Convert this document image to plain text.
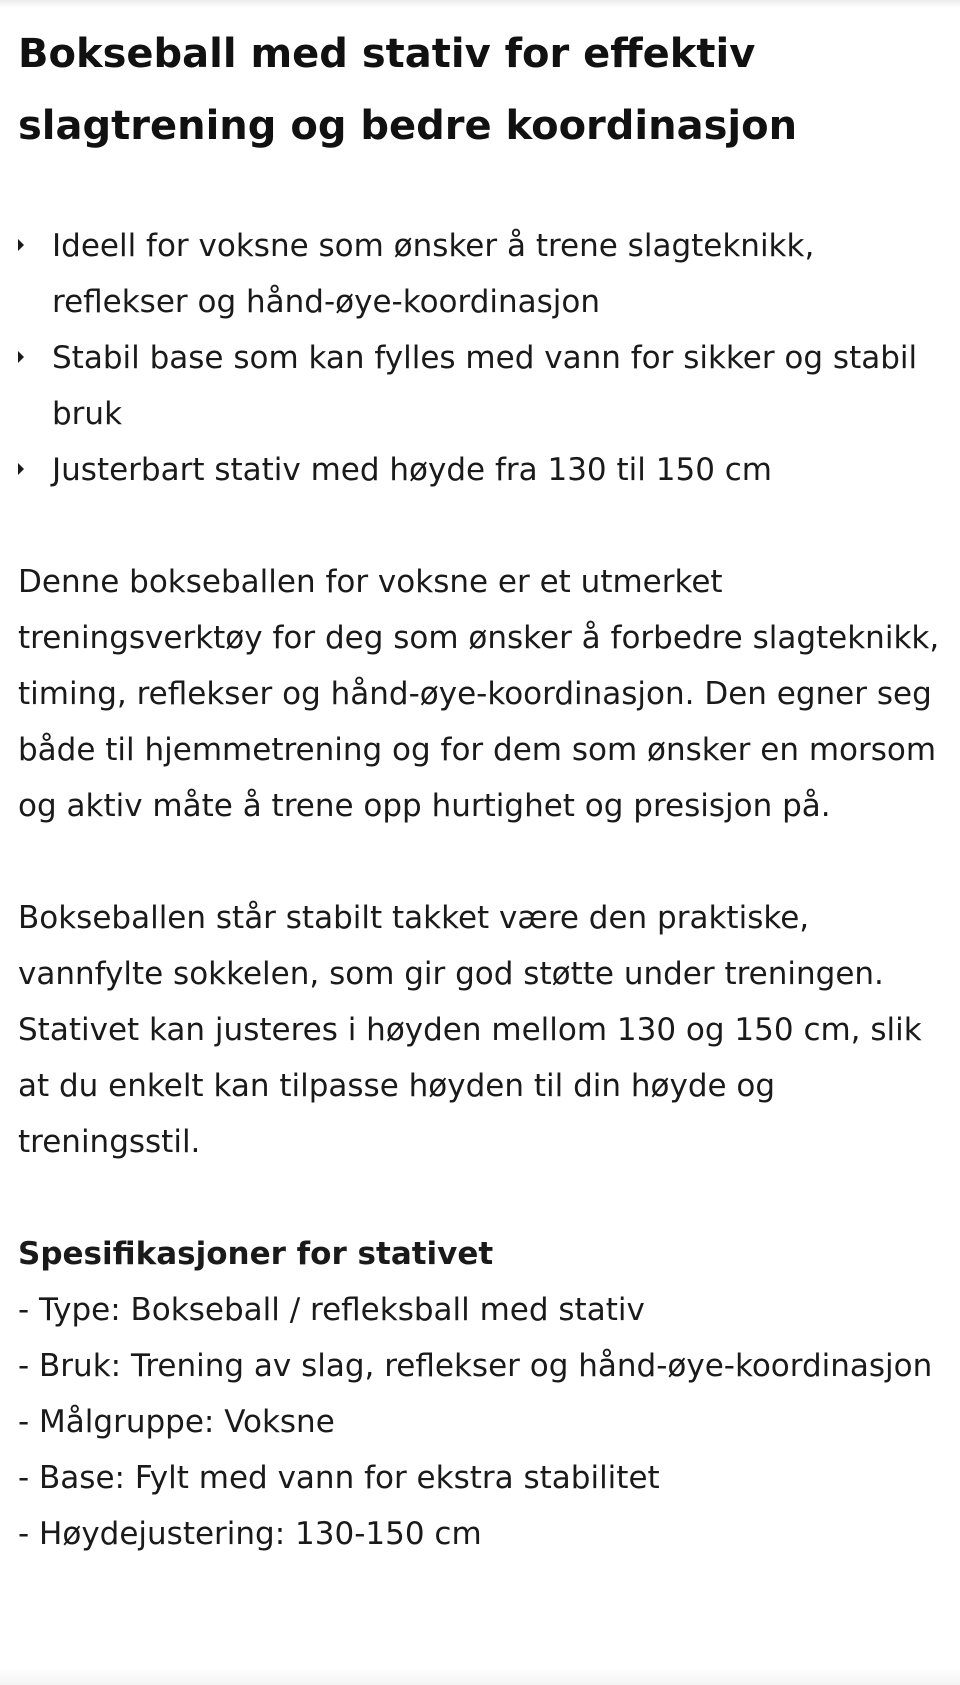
Bokseball med stativ for effektiv slagtrening og bedre koordinasjon
Ideell for voksne som ønsker å trene slagteknikk, reflekser og hånd-øye-koordinasjon
Stabil base som kan fylles med vann for sikker og stabil bruk
Justerbart stativ med høyde fra 130 til 150 cm

Denne bokseballen for voksne er et utmerket treningsverktøy for deg som ønsker å forbedre slagteknikk, timing, reflekser og hånd-øye-koordinasjon. Den egner seg både til hjemmetrening og for dem som ønsker en morsom og aktiv måte å trene opp hurtighet og presisjon på.

Bokseballen står stabilt takket være den praktiske, vannfylte sokkelen, som gir god støtte under treningen. Stativet kan justeres i høyden mellom 130 og 150 cm, slik at du enkelt kan tilpasse høyden til din høyde og treningsstil.

Spesifikasjoner for stativet
- Type: Bokseball / refleksball med stativ
- Bruk: Trening av slag, reflekser og hånd-øye-koordinasjon
- Målgruppe: Voksne
- Base: Fylt med vann for ekstra stabilitet
- Høydejustering: 130-150 cm
